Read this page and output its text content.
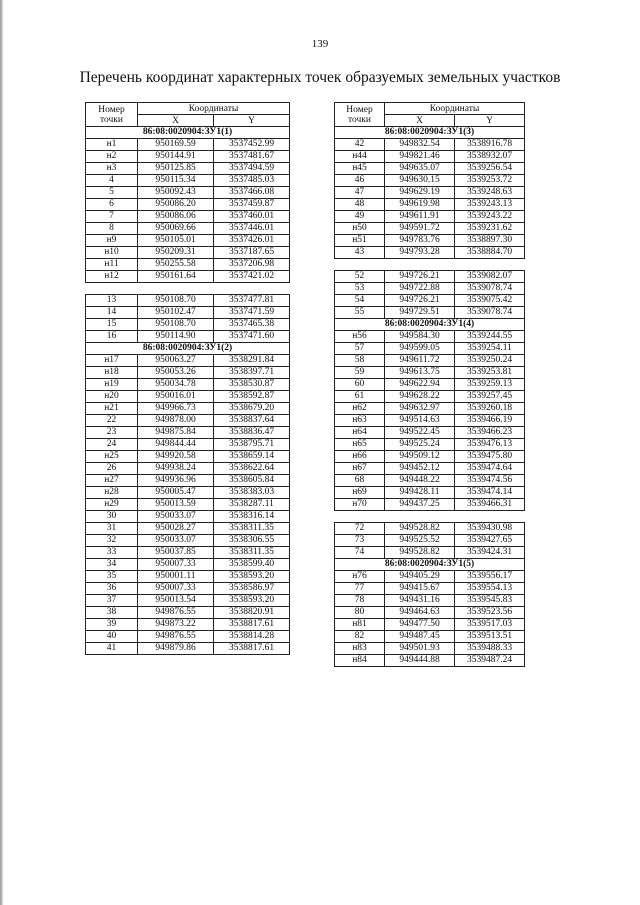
139
Перечень координат характерных точек образуемых земельных участков
Номер
точки	Координаты	
	X	Y
86:08:0020904:ЗУ1(1)		
н1	950169.59	3537452.99
н2	950144.91	3537481.67
н3	950125.85	3537494.59
4	950115.34	3537485.03
5	950092.43	3537466.08
6	950086.20	3537459.87
7	950086.06	3537460.01
8	950069.66	3537446.01
н9	950105.01	3537426.01
н10	950209.31	3537187.65
н11	950255.58	3537206.98
н12	950161.64	3537421.02

13	950108.70	3537477.81
14	950102.47	3537471.59
15	950108.70	3537465.38
16	950114.90	3537471.60
86:08:0020904:ЗУ1(2)		
н17	950063.27	3538291.84
н18	950053.26	3538397.71
н19	950034.78	3538530.87
н20	950016.01	3538592.87
н21	949966.73	3538679.20
22	949878.00	3538837.64
23	949875.84	3538836.47
24	949844.44	3538795.71
н25	949920.58	3538659.14
26	949938.24	3538622.64
н27	949936.96	3538605.84
н28	950005.47	3538383.03
н29	950013.59	3538287.11
30	950033.07	3538316.14
31	950028.27	3538311.35
32	950033.07	3538306.55
33	950037.85	3538311.35
34	950007.33	3538599.40
35	950001.11	3538593.20
36	950007.33	3538586.97
37	950013.54	3538593.20
38	949876.55	3538820.91
39	949873.22	3538817.61
40	949876.55	3538814.28
41	949879.86	3538817.61
Номер
точки	Координаты	
	X	Y
86:08:0020904:ЗУ1(3)		
42	949832.54	3538916.78
н44	949821.46	3538932.07
н45	949635.07	3539256.54
46	949630.15	3539253.72
47	949629.19	3539248.63
48	949619.98	3539243.13
49	949611.91	3539243.22
н50	949591.72	3539231.62
н51	949783.76	3538897.30
43	949793.28	3538884.70

52	949726.21	3539082.07
53	949722.88	3539078.74
54	949726.21	3539075.42
55	949729.51	3539078.74
86:08:0020904:ЗУ1(4)		
н56	949584.30	3539244.55
57	949599.05	3539254.11
58	949611.72	3539250.24
59	949613.75	3539253.81
60	949622.94	3539259.13
61	949628.22	3539257.45
н62	949632.97	3539260.18
н63	949514.63	3539466.19
н64	949522.45	3539466.23
н65	949525.24	3539476.13
н66	949509.12	3539475.80
н67	949452.12	3539474.64
68	949448.22	3539474.56
н69	949428.11	3539474.14
н70	949437.25	3539466.31

72	949528.82	3539430.98
73	949525.52	3539427.65
74	949528.82	3539424.31
86:08:0020904:ЗУ1(5)		
н76	949405.29	3539556.17
77	949415.67	3539554.13
78	949431.16	3539545.83
80	949464.63	3539523.56
н81	949477.50	3539517.03
82	949487.45	3539513.51
н83	949501.93	3539488.33
н84	949444.88	3539487.24
